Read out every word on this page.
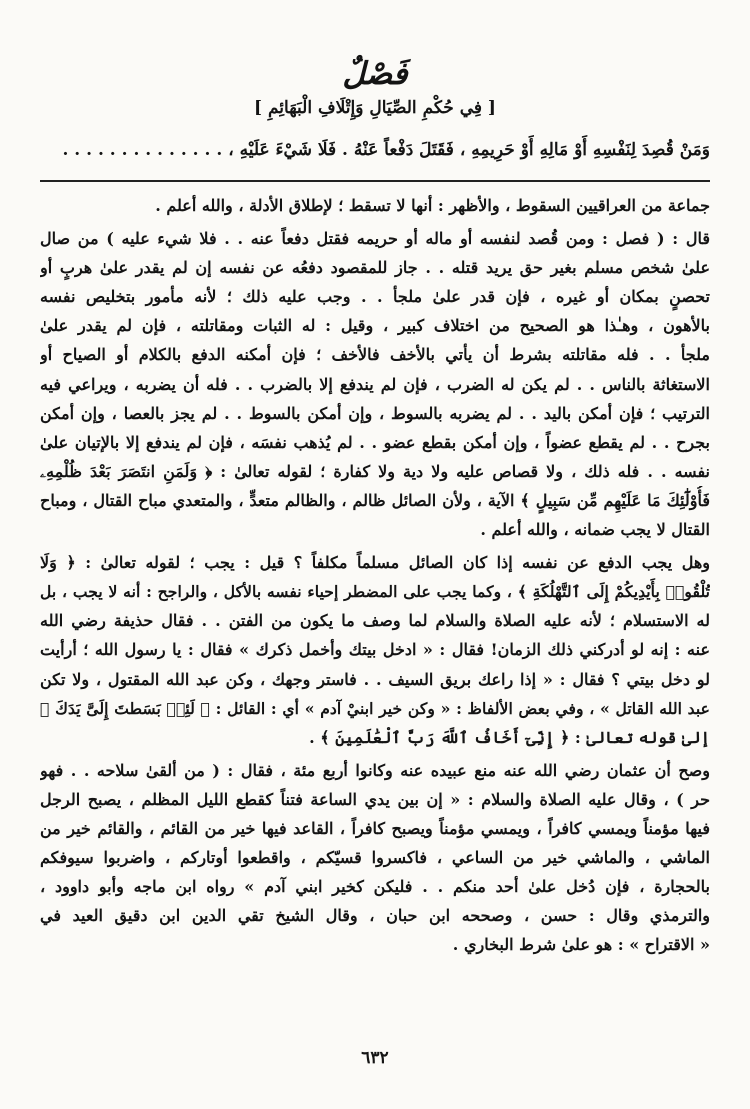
فَصْلٌ
[ فِي حُكْمِ الصِّيَالِ وَإِتْلَافِ الْبَهَائِمِ ]
وَمَنْ قُصِدَ لِنَفْسِهِ أَوْ مَالِهِ أَوْ حَرِيمِهِ ، فَقَتَلَ دَفْعاً عَنْهُ . فَلَا شَيْءَ عَلَيْهِ ، . . . . . . . . . . . . . .
جماعة من العراقيين السقوط ، والأظهر : أنها لا تسقط ؛ لإطلاق الأدلة ، والله أعلم .
قال : ( فصل : ومن قُصد لنفسه أو ماله أو حريمه فقتل دفعاً عنه . . فلا شيء عليه ) من صال
علىٰ شخص مسلم بغير حق يريد قتله . . جاز للمقصود دفعُه عن نفسه إن لم يقدر علىٰ هربٍ أو
تحصنٍ بمكان أو غيره ، فإن قدر علىٰ ملجأ . . وجب عليه ذلك ؛ لأنه مأمور بتخليص نفسه
بالأهون ، وهـٰذا هو الصحيح من اختلاف كبير ، وقيل : له الثبات ومقاتلته ، فإن لم يقدر علىٰ
ملجأ . . فله مقاتلته بشرط أن يأتي بالأخف فالأخف ؛ فإن أمكنه الدفع بالكلام أو الصياح أو
الاستغاثة بالناس . . لم يكن له الضرب ، فإن لم يندفع إلا بالضرب . . فله أن يضربه ، ويراعي فيه
الترتيب ؛ فإن أمكن باليد . . لم يضربه بالسوط ، وإن أمكن بالسوط . . لم يجز بالعصا ، وإن أمكن
بجرح . . لم يقطع عضواً ، وإن أمكن بقطع عضو . . لم يُذهب نفسَه ، فإن لم يندفع إلا بالإتيان علىٰ
نفسه . . فله ذلك ، ولا قصاص عليه ولا دية ولا كفارة ؛ لقوله تعالىٰ : ﴿ وَلَمَنِ انتَصَرَ بَعْدَ ظُلْمِهِۦ
فَأُوْلَٰٓئِكَ مَا عَلَيْهِم مِّن سَبِيلٍ ﴾ الآية ، ولأن الصائل ظالم ، والظالم متعدٍّ ، والمتعدي مباح القتال ، ومباح
القتال لا يجب ضمانه ، والله أعلم .
وهل يجب الدفع عن نفسه إذا كان الصائل مسلماً مكلفاً ؟ قيل : يجب ؛ لقوله تعالىٰ : ﴿ وَلَا
تُلْقُوا۟ بِأَيْدِيكُمْ إِلَى ٱلتَّهْلُكَةِ ﴾ ، وكما يجب على المضطر إحياء نفسه بالأكل ، والراجح : أنه لا يجب ، بل
له الاستسلام ؛ لأنه عليه الصلاة والسلام لما وصف ما يكون من الفتن . . فقال حذيفة رضي الله
عنه : إنه لو أدركني ذلك الزمان! فقال : « ادخل بيتك وأخمل ذكرك » فقال : يا رسول الله ؛ أرأيت
لو دخل بيتي ؟ فقال : « إذا راعك بريق السيف . . فاستر وجهك ، وكن عبد الله المقتول ، ولا تكن
عبد الله القاتل » ، وفي بعض الألفاظ : « وكن خير ابنيْ آدم » أي : القائل : ﴿ لَئِنۢ بَسَطتَ إِلَىَّ يَدَكَ ﴾
إلىٰ قوله تعالىٰ : ﴿ إِنِّىٓ أَخَافُ ٱللَّهَ رَبَّ ٱلْعَٰلَمِينَ ﴾ .
وصح أن عثمان رضي الله عنه منع عبيده عنه وكانوا أربع مئة ، فقال : ( من ألقىٰ سلاحه . . فهو
حر ) ، وقال عليه الصلاة والسلام : « إن بين يدي الساعة فتناً كقطع الليل المظلم ، يصبح الرجل
فيها مؤمناً ويمسي كافراً ، ويمسي مؤمناً ويصبح كافراً ، القاعد فيها خير من القائم ، والقائم خير من
الماشي ، والماشي خير من الساعي ، فاكسروا قسيّكم ، واقطعوا أوتاركم ، واضربوا سيوفكم
بالحجارة ، فإن دُخل علىٰ أحد منكم . . فليكن كخير ابني آدم » رواه ابن ماجه وأبو داوود ،
والترمذي وقال : حسن ، وصححه ابن حبان ، وقال الشيخ تقي الدين ابن دقيق العيد في
« الاقتراح » : هو علىٰ شرط البخاري .
٦٣٢
